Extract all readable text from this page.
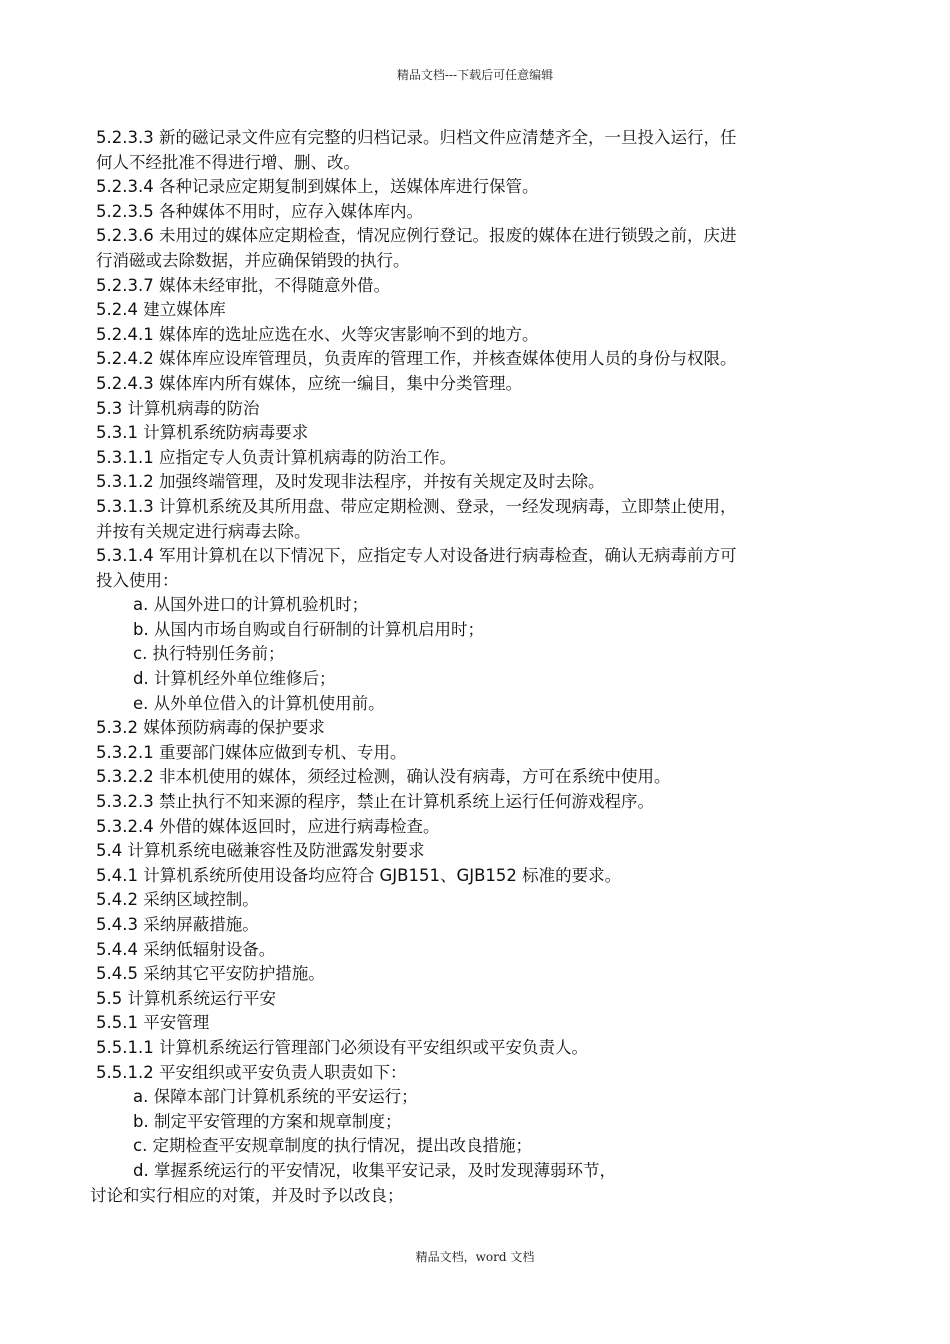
精品文档---下载后可任意编辑

5.2.3.3 新的磁记录文件应有完整的归档记录。归档文件应清楚齐全，一旦投入运行，任

何人不经批准不得进行增、删、改。

5.2.3.4 各种记录应定期复制到媒体上，送媒体库进行保管。

5.2.3.5 各种媒体不用时，应存入媒体库内。

5.2.3.6 未用过的媒体应定期检查，情况应例行登记。报废的媒体在进行锁毁之前，庆进

行消磁或去除数据，并应确保销毁的执行。

5.2.3.7 媒体未经审批，不得随意外借。

5.2.4 建立媒体库

5.2.4.1 媒体库的选址应选在水、火等灾害影响不到的地方。

5.2.4.2 媒体库应设库管理员，负责库的管理工作，并核查媒体使用人员的身份与权限。

5.2.4.3 媒体库内所有媒体，应统一编目，集中分类管理。

5.3 计算机病毒的防治

5.3.1 计算机系统防病毒要求

5.3.1.1 应指定专人负责计算机病毒的防治工作。

5.3.1.2 加强终端管理，及时发现非法程序，并按有关规定及时去除。

5.3.1.3 计算机系统及其所用盘、带应定期检测、登录，一经发现病毒，立即禁止使用，

并按有关规定进行病毒去除。

5.3.1.4 军用计算机在以下情况下，应指定专人对设备进行病毒检查，确认无病毒前方可

投入使用：

a. 从国外进口的计算机验机时；

b. 从国内市场自购或自行研制的计算机启用时；

c. 执行特别任务前；

d. 计算机经外单位维修后；

e. 从外单位借入的计算机使用前。

5.3.2 媒体预防病毒的保护要求

5.3.2.1 重要部门媒体应做到专机、专用。

5.3.2.2 非本机使用的媒体，须经过检测，确认没有病毒，方可在系统中使用。

5.3.2.3 禁止执行不知来源的程序，禁止在计算机系统上运行任何游戏程序。

5.3.2.4 外借的媒体返回时，应进行病毒检查。

5.4 计算机系统电磁兼容性及防泄露发射要求

5.4.1 计算机系统所使用设备均应符合 GJB151、GJB152 标准的要求。

5.4.2 采纳区域控制。

5.4.3 采纳屏蔽措施。

5.4.4 采纳低辐射设备。

5.4.5 采纳其它平安防护措施。

5.5 计算机系统运行平安

5.5.1 平安管理

5.5.1.1 计算机系统运行管理部门必须设有平安组织或平安负责人。

5.5.1.2 平安组织或平安负责人职责如下：

a. 保障本部门计算机系统的平安运行；

b. 制定平安管理的方案和规章制度；

c. 定期检查平安规章制度的执行情况，提出改良措施；

d. 掌握系统运行的平安情况，收集平安记录，及时发现薄弱环节，

讨论和实行相应的对策，并及时予以改良；

精品文档，word 文档
